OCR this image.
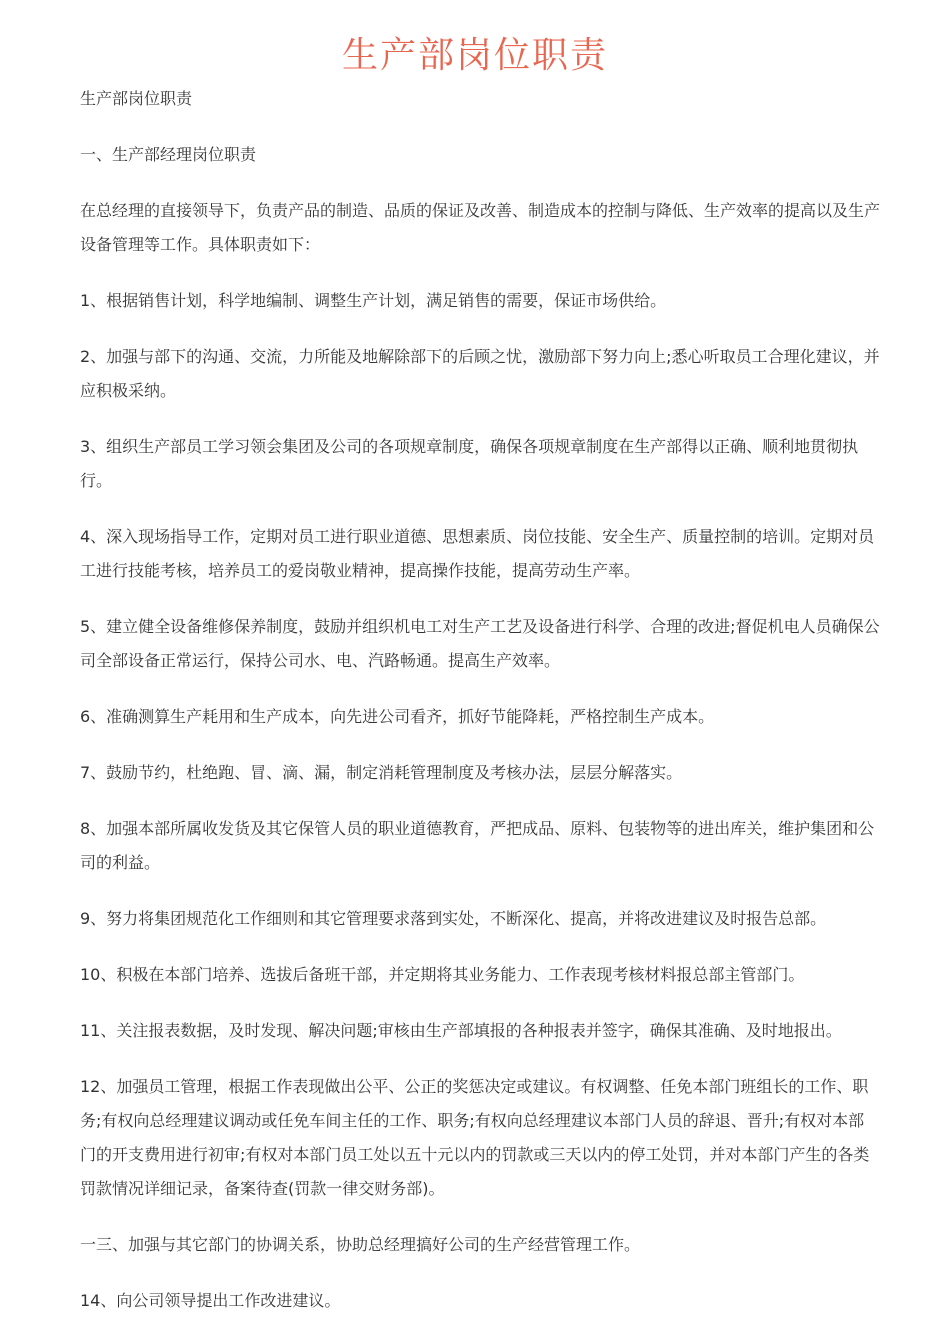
生产部岗位职责

生产部岗位职责

一、生产部经理岗位职责

在总经理的直接领导下，负责产品的制造、品质的保证及改善、制造成本的控制与降低、生产效率的提高以及生产设备管理等工作。具体职责如下：

1、根据销售计划，科学地编制、调整生产计划，满足销售的需要，保证市场供给。

2、加强与部下的沟通、交流，力所能及地解除部下的后顾之忧，激励部下努力向上;悉心听取员工合理化建议，并应积极采纳。

3、组织生产部员工学习领会集团及公司的各项规章制度，确保各项规章制度在生产部得以正确、顺利地贯彻执行。

4、深入现场指导工作，定期对员工进行职业道德、思想素质、岗位技能、安全生产、质量控制的培训。定期对员工进行技能考核，培养员工的爱岗敬业精神，提高操作技能，提高劳动生产率。

5、建立健全设备维修保养制度，鼓励并组织机电工对生产工艺及设备进行科学、合理的改进;督促机电人员确保公司全部设备正常运行，保持公司水、电、汽路畅通。提高生产效率。

6、准确测算生产耗用和生产成本，向先进公司看齐，抓好节能降耗，严格控制生产成本。

7、鼓励节约，杜绝跑、冒、滴、漏，制定消耗管理制度及考核办法，层层分解落实。

8、加强本部所属收发货及其它保管人员的职业道德教育，严把成品、原料、包装物等的进出库关，维护集团和公司的利益。

9、努力将集团规范化工作细则和其它管理要求落到实处，不断深化、提高，并将改进建议及时报告总部。

10、积极在本部门培养、选拔后备班干部，并定期将其业务能力、工作表现考核材料报总部主管部门。

11、关注报表数据，及时发现、解决问题;审核由生产部填报的各种报表并签字，确保其准确、及时地报出。

12、加强员工管理，根据工作表现做出公平、公正的奖惩决定或建议。有权调整、任免本部门班组长的工作、职务;有权向总经理建议调动或任免车间主任的工作、职务;有权向总经理建议本部门人员的辞退、晋升;有权对本部门的开支费用进行初审;有权对本部门员工处以五十元以内的罚款或三天以内的停工处罚，并对本部门产生的各类罚款情况详细记录，备案待查(罚款一律交财务部)。

一三、加强与其它部门的协调关系，协助总经理搞好公司的生产经营管理工作。

14、向公司领导提出工作改进建议。
